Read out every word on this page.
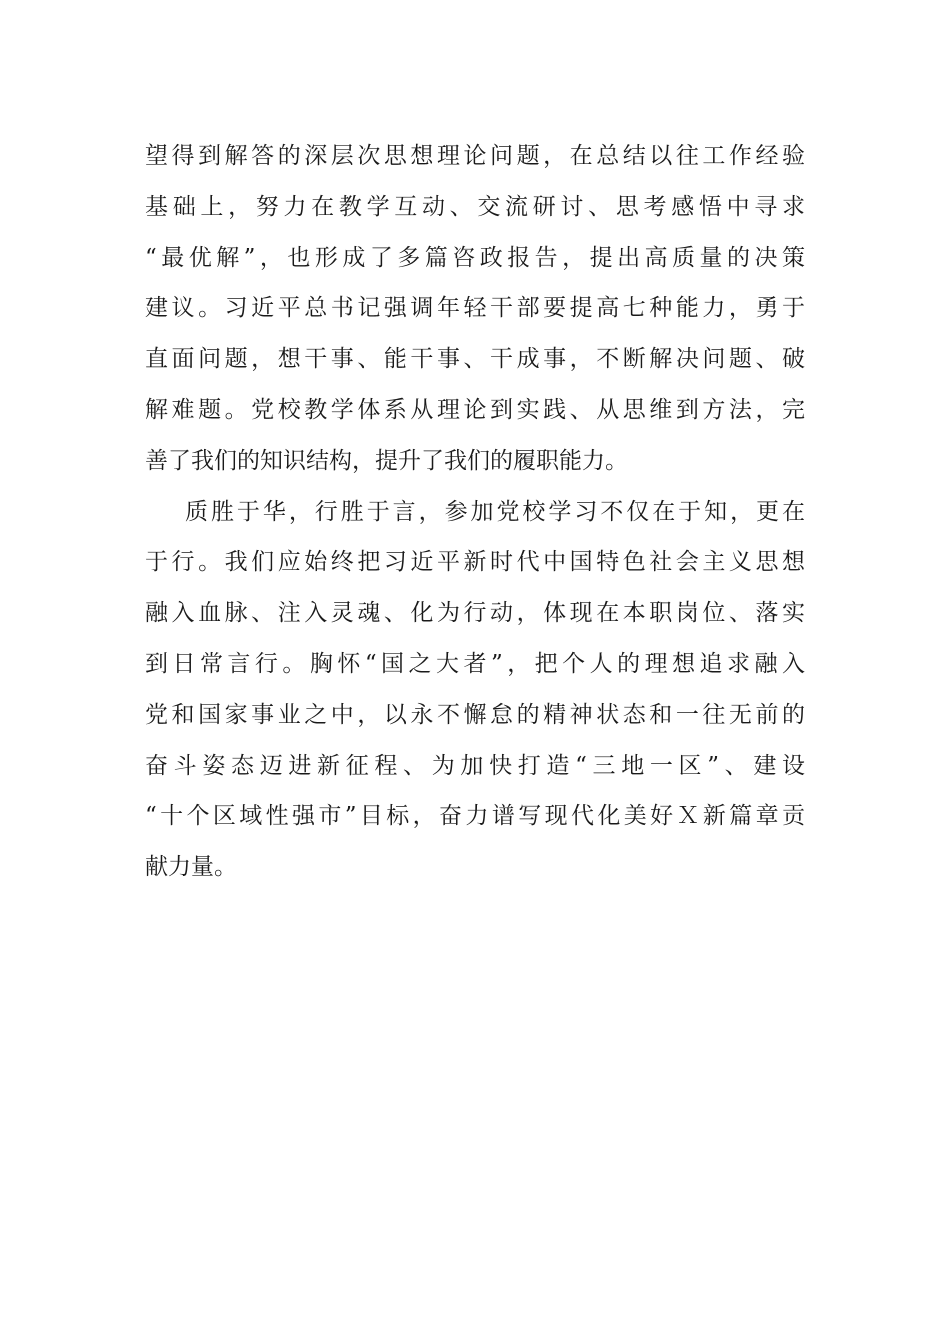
望得到解答的深层次思想理论问题，在总结以往工作经验
基础上，努力在教学互动、交流研讨、思考感悟中寻求
“最优解”，也形成了多篇咨政报告，提出高质量的决策
建议。习近平总书记强调年轻干部要提高七种能力，勇于
直面问题，想干事、能干事、干成事，不断解决问题、破
解难题。党校教学体系从理论到实践、从思维到方法，完
善了我们的知识结构，提升了我们的履职能力。
质胜于华，行胜于言，参加党校学习不仅在于知，更在
于行。我们应始终把习近平新时代中国特色社会主义思想
融入血脉、注入灵魂、化为行动，体现在本职岗位、落实
到日常言行。胸怀“国之大者”，把个人的理想追求融入
党和国家事业之中，以永不懈怠的精神状态和一往无前的
奋斗姿态迈进新征程、为加快打造“三地一区”、建设
“十个区域性强市”目标，奋力谱写现代化美好Ｘ新篇章贡
献力量。
